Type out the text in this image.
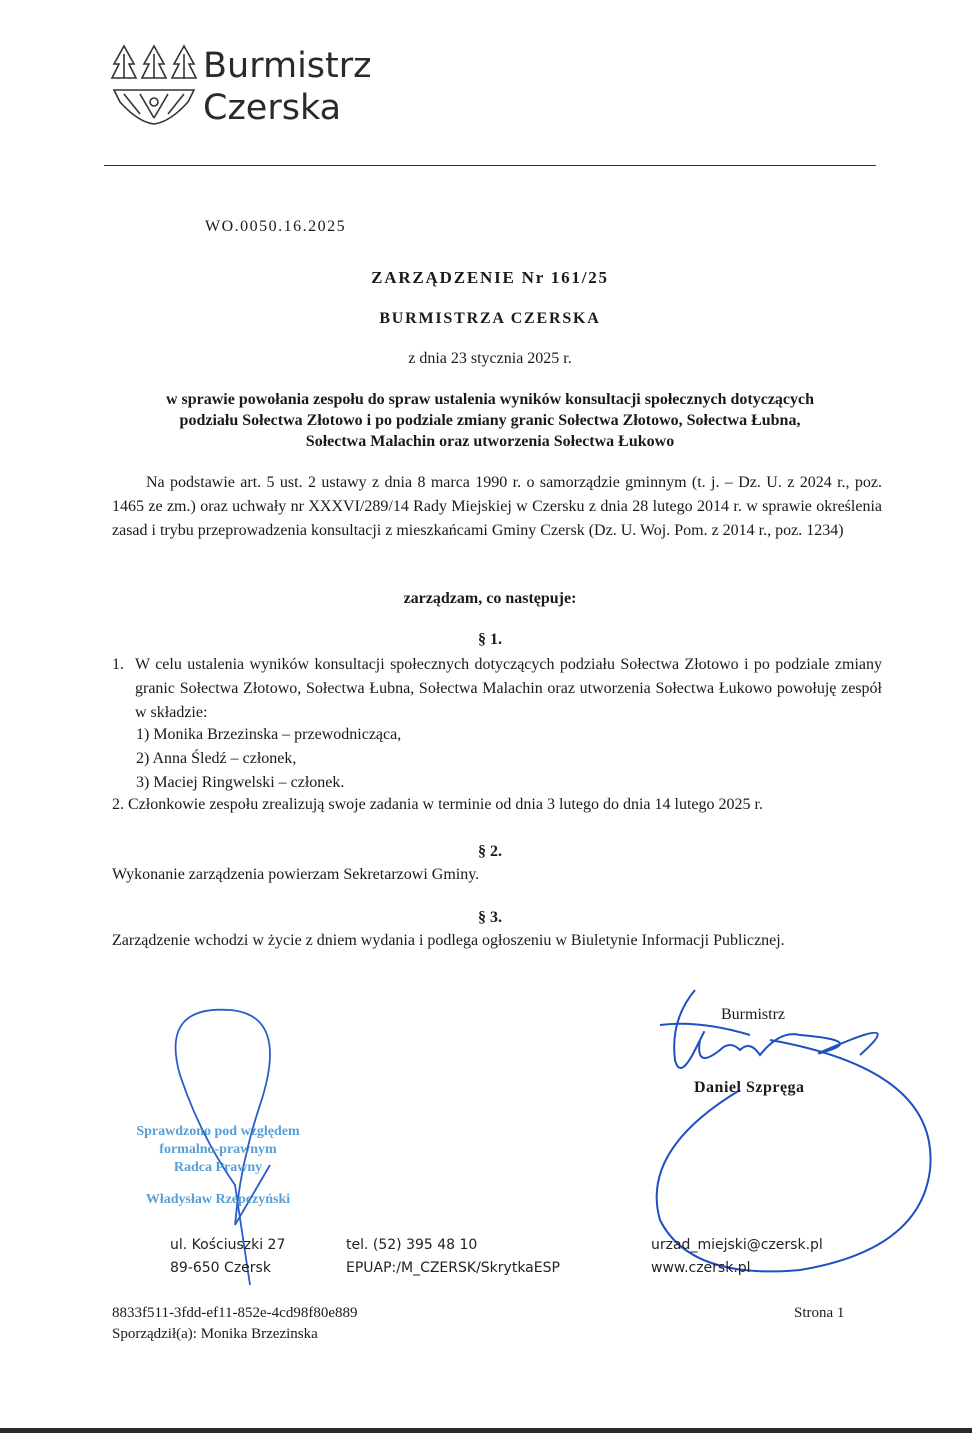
Burmistrz
Czerska
WO.0050.16.2025
ZARZĄDZENIE Nr 161/25
BURMISTRZA CZERSKA
z dnia 23 stycznia 2025 r.
w sprawie powołania zespołu do spraw ustalenia wyników konsultacji społecznych dotyczących
podziału Sołectwa Złotowo i po podziale zmiany granic Sołectwa Złotowo, Sołectwa Łubna,
Sołectwa Malachin oraz utworzenia Sołectwa Łukowo
Na podstawie art. 5 ust. 2 ustawy z dnia 8 marca 1990 r. o samorządzie gminnym (t. j. – Dz. U. z 2024 r., poz. 1465 ze zm.) oraz uchwały nr XXXVI/289/14 Rady Miejskiej w Czersku z dnia 28 lutego 2014 r. w sprawie określenia zasad i trybu przeprowadzenia konsultacji z mieszkańcami Gminy Czersk (Dz. U. Woj. Pom. z 2014 r., poz. 1234)
zarządzam, co następuje:
§ 1.
1. W celu ustalenia wyników konsultacji społecznych dotyczących podziału Sołectwa Złotowo i po podziale zmiany granic Sołectwa Złotowo, Sołectwa Łubna, Sołectwa Malachin oraz utworzenia Sołectwa Łukowo powołuję zespół w składzie:
1) Monika Brzezinska – przewodnicząca,
2) Anna Śledź – członek,
3) Maciej Ringwelski – członek.
2. Członkowie zespołu zrealizują swoje zadania w terminie od dnia 3 lutego do dnia 14 lutego 2025 r.
§ 2.
Wykonanie zarządzenia powierzam Sekretarzowi Gminy.
§ 3.
Zarządzenie wchodzi w życie z dniem wydania i podlega ogłoszeniu w Biuletynie Informacji Publicznej.
Sprawdzono pod względem
formalno-prawnym
Radca Prawny
Władysław Rzepczyński
Burmistrz
Daniel Szpręga
ul. Kościuszki 27
89-650 Czersk
tel. (52) 395 48 10
EPUAP:/M_CZERSK/SkrytkaESP
urzad_miejski@czersk.pl
www.czersk.pl
8833f511-3fdd-ef11-852e-4cd98f80e889	Strona 1
Sporządził(a): Monika Brzezinska
